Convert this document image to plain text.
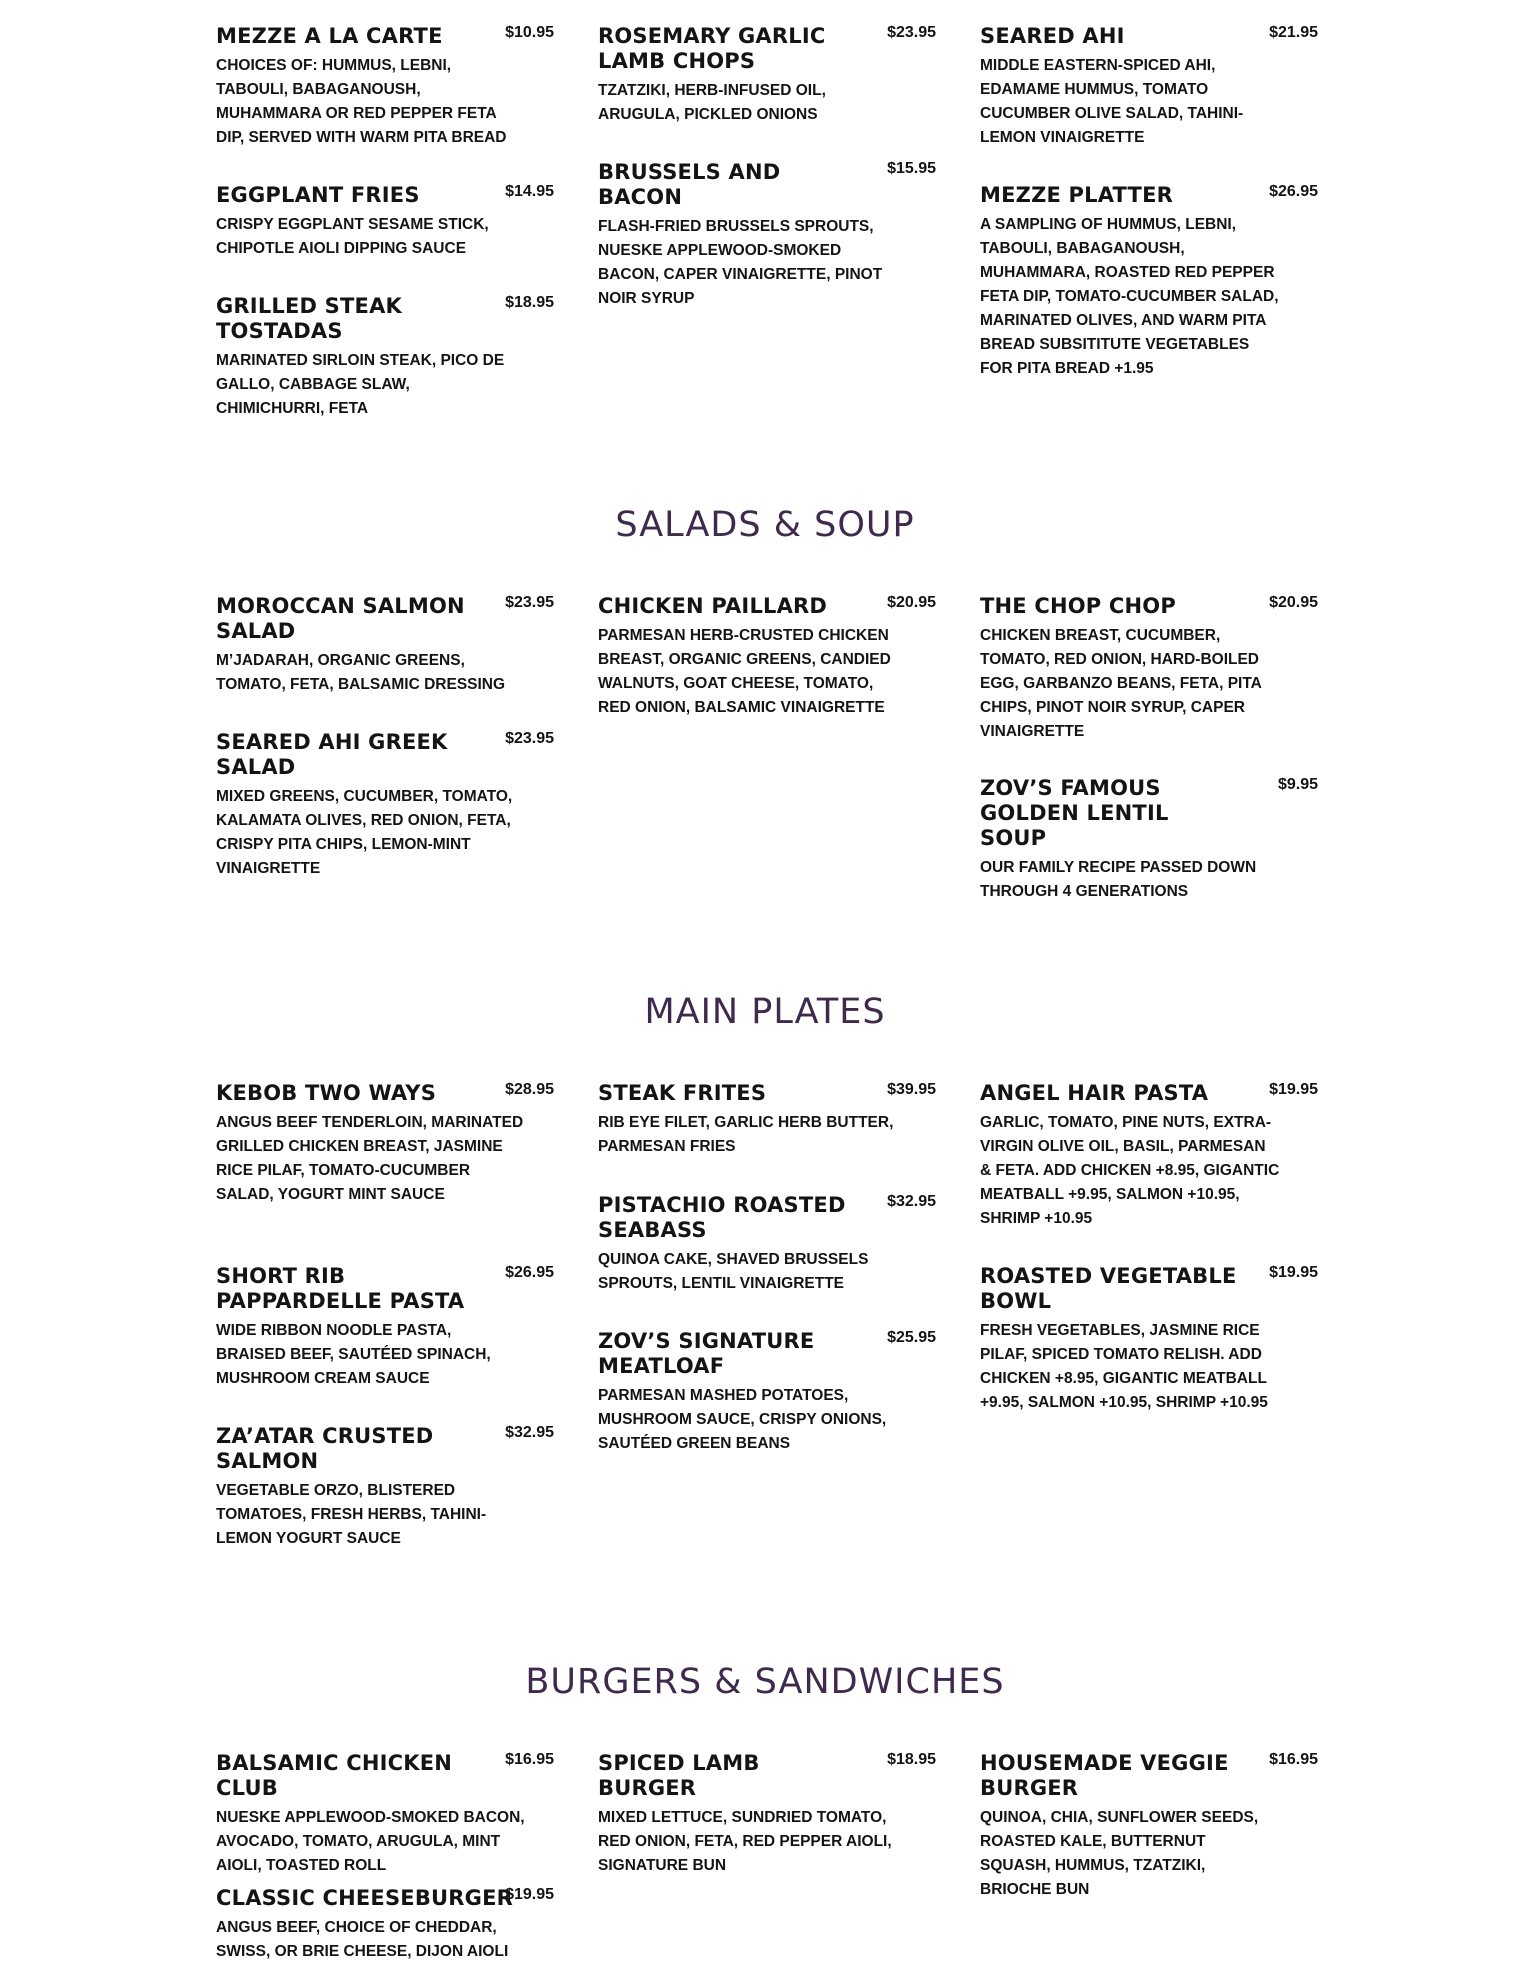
MEZZE A LA CARTE	$10.95
CHOICES OF: HUMMUS, LEBNI, TABOULI, BABAGANOUSH, MUHAMMARA OR RED PEPPER FETA DIP, SERVED WITH WARM PITA BREAD
EGGPLANT FRIES	$14.95
CRISPY EGGPLANT SESAME STICK, CHIPOTLE AIOLI DIPPING SAUCE
GRILLED STEAK TOSTADAS
$18.95
MARINATED SIRLOIN STEAK, PICO DE GALLO, CABBAGE SLAW, CHIMICHURRI, FETA
ROSEMARY GARLIC LAMB CHOPS
$23.95
TZATZIKI, HERB-INFUSED OIL, ARUGULA, PICKLED ONIONS
BRUSSELS AND BACON
$15.95
FLASH-FRIED BRUSSELS SPROUTS, NUESKE APPLEWOOD-SMOKED BACON, CAPER VINAIGRETTE, PINOT NOIR SYRUP
SEARED AHI	$21.95
MIDDLE EASTERN-SPICED AHI, EDAMAME HUMMUS, TOMATO CUCUMBER OLIVE SALAD, TAHINI-LEMON VINAIGRETTE
MEZZE PLATTER	$26.95
A SAMPLING OF HUMMUS, LEBNI, TABOULI, BABAGANOUSH, MUHAMMARA, ROASTED RED PEPPER FETA DIP, TOMATO-CUCUMBER SALAD, MARINATED OLIVES, AND WARM PITA BREAD SUBSITITUTE VEGETABLES FOR PITA BREAD +1.95
SALADS & SOUP
MOROCCAN SALMON SALAD
$23.95
M’JADARAH, ORGANIC GREENS, TOMATO, FETA, BALSAMIC DRESSING
SEARED AHI GREEK SALAD
$23.95
MIXED GREENS, CUCUMBER, TOMATO, KALAMATA OLIVES, RED ONION, FETA, CRISPY PITA CHIPS, LEMON-MINT VINAIGRETTE
CHICKEN PAILLARD	$20.95
PARMESAN HERB-CRUSTED CHICKEN BREAST, ORGANIC GREENS, CANDIED WALNUTS, GOAT CHEESE, TOMATO, RED ONION, BALSAMIC VINAIGRETTE
THE CHOP CHOP	$20.95
CHICKEN BREAST, CUCUMBER, TOMATO, RED ONION, HARD-BOILED EGG, GARBANZO BEANS, FETA, PITA CHIPS, PINOT NOIR SYRUP, CAPER VINAIGRETTE
ZOV’S FAMOUS GOLDEN LENTIL SOUP
$9.95
OUR FAMILY RECIPE PASSED DOWN THROUGH 4 GENERATIONS
MAIN PLATES
KEBOB TWO WAYS	$28.95
ANGUS BEEF TENDERLOIN, MARINATED GRILLED CHICKEN BREAST, JASMINE RICE PILAF, TOMATO-CUCUMBER SALAD, YOGURT MINT SAUCE
SHORT RIB PAPPARDELLE PASTA
$26.95
WIDE RIBBON NOODLE PASTA, BRAISED BEEF, SAUTÉED SPINACH, MUSHROOM CREAM SAUCE
ZA’ATAR CRUSTED SALMON
$32.95
VEGETABLE ORZO, BLISTERED TOMATOES, FRESH HERBS, TAHINI-LEMON YOGURT SAUCE
STEAK FRITES	$39.95
RIB EYE FILET, GARLIC HERB BUTTER, PARMESAN FRIES
PISTACHIO ROASTED SEABASS
$32.95
QUINOA CAKE, SHAVED BRUSSELS SPROUTS, LENTIL VINAIGRETTE
ZOV’S SIGNATURE MEATLOAF
$25.95
PARMESAN MASHED POTATOES, MUSHROOM SAUCE, CRISPY ONIONS, SAUTÉED GREEN BEANS
ANGEL HAIR PASTA	$19.95
GARLIC, TOMATO, PINE NUTS, EXTRA-VIRGIN OLIVE OIL, BASIL, PARMESAN & FETA. ADD CHICKEN +8.95, GIGANTIC MEATBALL +9.95, SALMON +10.95, SHRIMP +10.95
ROASTED VEGETABLE BOWL
$19.95
FRESH VEGETABLES, JASMINE RICE PILAF, SPICED TOMATO RELISH. ADD CHICKEN +8.95, GIGANTIC MEATBALL +9.95, SALMON +10.95, SHRIMP +10.95
BURGERS & SANDWICHES
BALSAMIC CHICKEN CLUB
$16.95
NUESKE APPLEWOOD-SMOKED BACON, AVOCADO, TOMATO, ARUGULA, MINT AIOLI, TOASTED ROLL
CLASSIC CHEESEBURGER
$19.95
ANGUS BEEF, CHOICE OF CHEDDAR, SWISS, OR BRIE CHEESE, DIJON AIOLI
SPICED LAMB BURGER
$18.95
MIXED LETTUCE, SUNDRIED TOMATO, RED ONION, FETA, RED PEPPER AIOLI, SIGNATURE BUN
HOUSEMADE VEGGIE BURGER
$16.95
QUINOA, CHIA, SUNFLOWER SEEDS, ROASTED KALE, BUTTERNUT SQUASH, HUMMUS, TZATZIKI, BRIOCHE BUN
